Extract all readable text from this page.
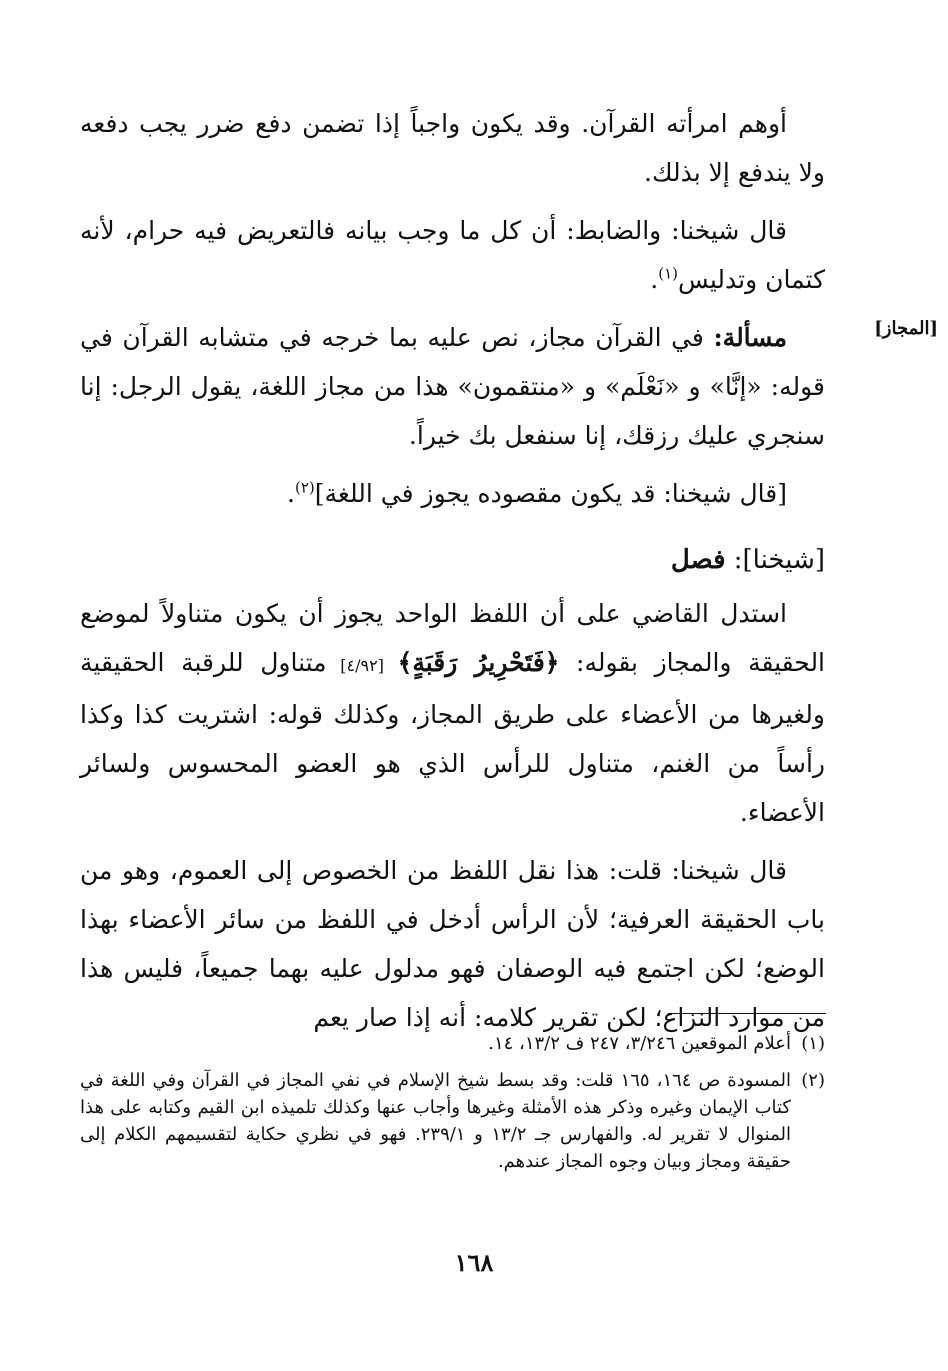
[المجاز]

أوهم امرأته القرآن. وقد يكون واجباً إذا تضمن دفع ضرر يجب دفعه ولا يندفع إلا بذلك.

قال شيخنا: والضابط: أن كل ما وجب بيانه فالتعريض فيه حرام، لأنه كتمان وتدليس$^{(١)}$.

مسألة: في القرآن مجاز، نص عليه بما خرجه في متشابه القرآن في قوله: «إنَّا» و «نَعْلَم» و «منتقمون» هذا من مجاز اللغة، يقول الرجل: إنا سنجري عليك رزقك، إنا سنفعل بك خيراً.

[قال شيخنا: قد يكون مقصوده يجوز في اللغة]$^{(٢)}$.

[شيخنا]: فصل

استدل القاضي على أن اللفظ الواحد يجوز أن يكون متناولاً لموضع الحقيقة والمجاز بقوله: ﴿فَتَحْرِيرُ رَقَبَةٍ﴾ [٤/٩٢] متناول للرقبة الحقيقية ولغيرها من الأعضاء على طريق المجاز، وكذلك قوله: اشتريت كذا وكذا رأساً من الغنم، متناول للرأس الذي هو العضو المحسوس ولسائر الأعضاء.

قال شيخنا: قلت: هذا نقل اللفظ من الخصوص إلى العموم، وهو من باب الحقيقة العرفية؛ لأن الرأس أدخل في اللفظ من سائر الأعضاء بهذا الوضع؛ لكن اجتمع فيه الوصفان فهو مدلول عليه بهما جميعاً، فليس هذا من موارد النزاع؛ لكن تقرير كلامه: أنه إذا صار يعم

(١)
أعلام الموقعين ٣/٢٤٦، ٢٤٧ ف ١٣/٢، ١٤.
(٢)
المسودة ص ١٦٤، ١٦٥ قلت: وقد بسط شيخ الإسلام في نفي المجاز في القرآن وفي اللغة في كتاب الإيمان وغيره وذكر هذه الأمثلة وغيرها وأجاب عنها وكذلك تلميذه ابن القيم وكتابه على هذا المنوال لا تقرير له. والفهارس جـ ١٣/٢ و ٢٣٩/١. فهو في نظري حكاية لتقسيمهم الكلام إلى حقيقة ومجاز وبيان وجوه المجاز عندهم.
١٦٨
